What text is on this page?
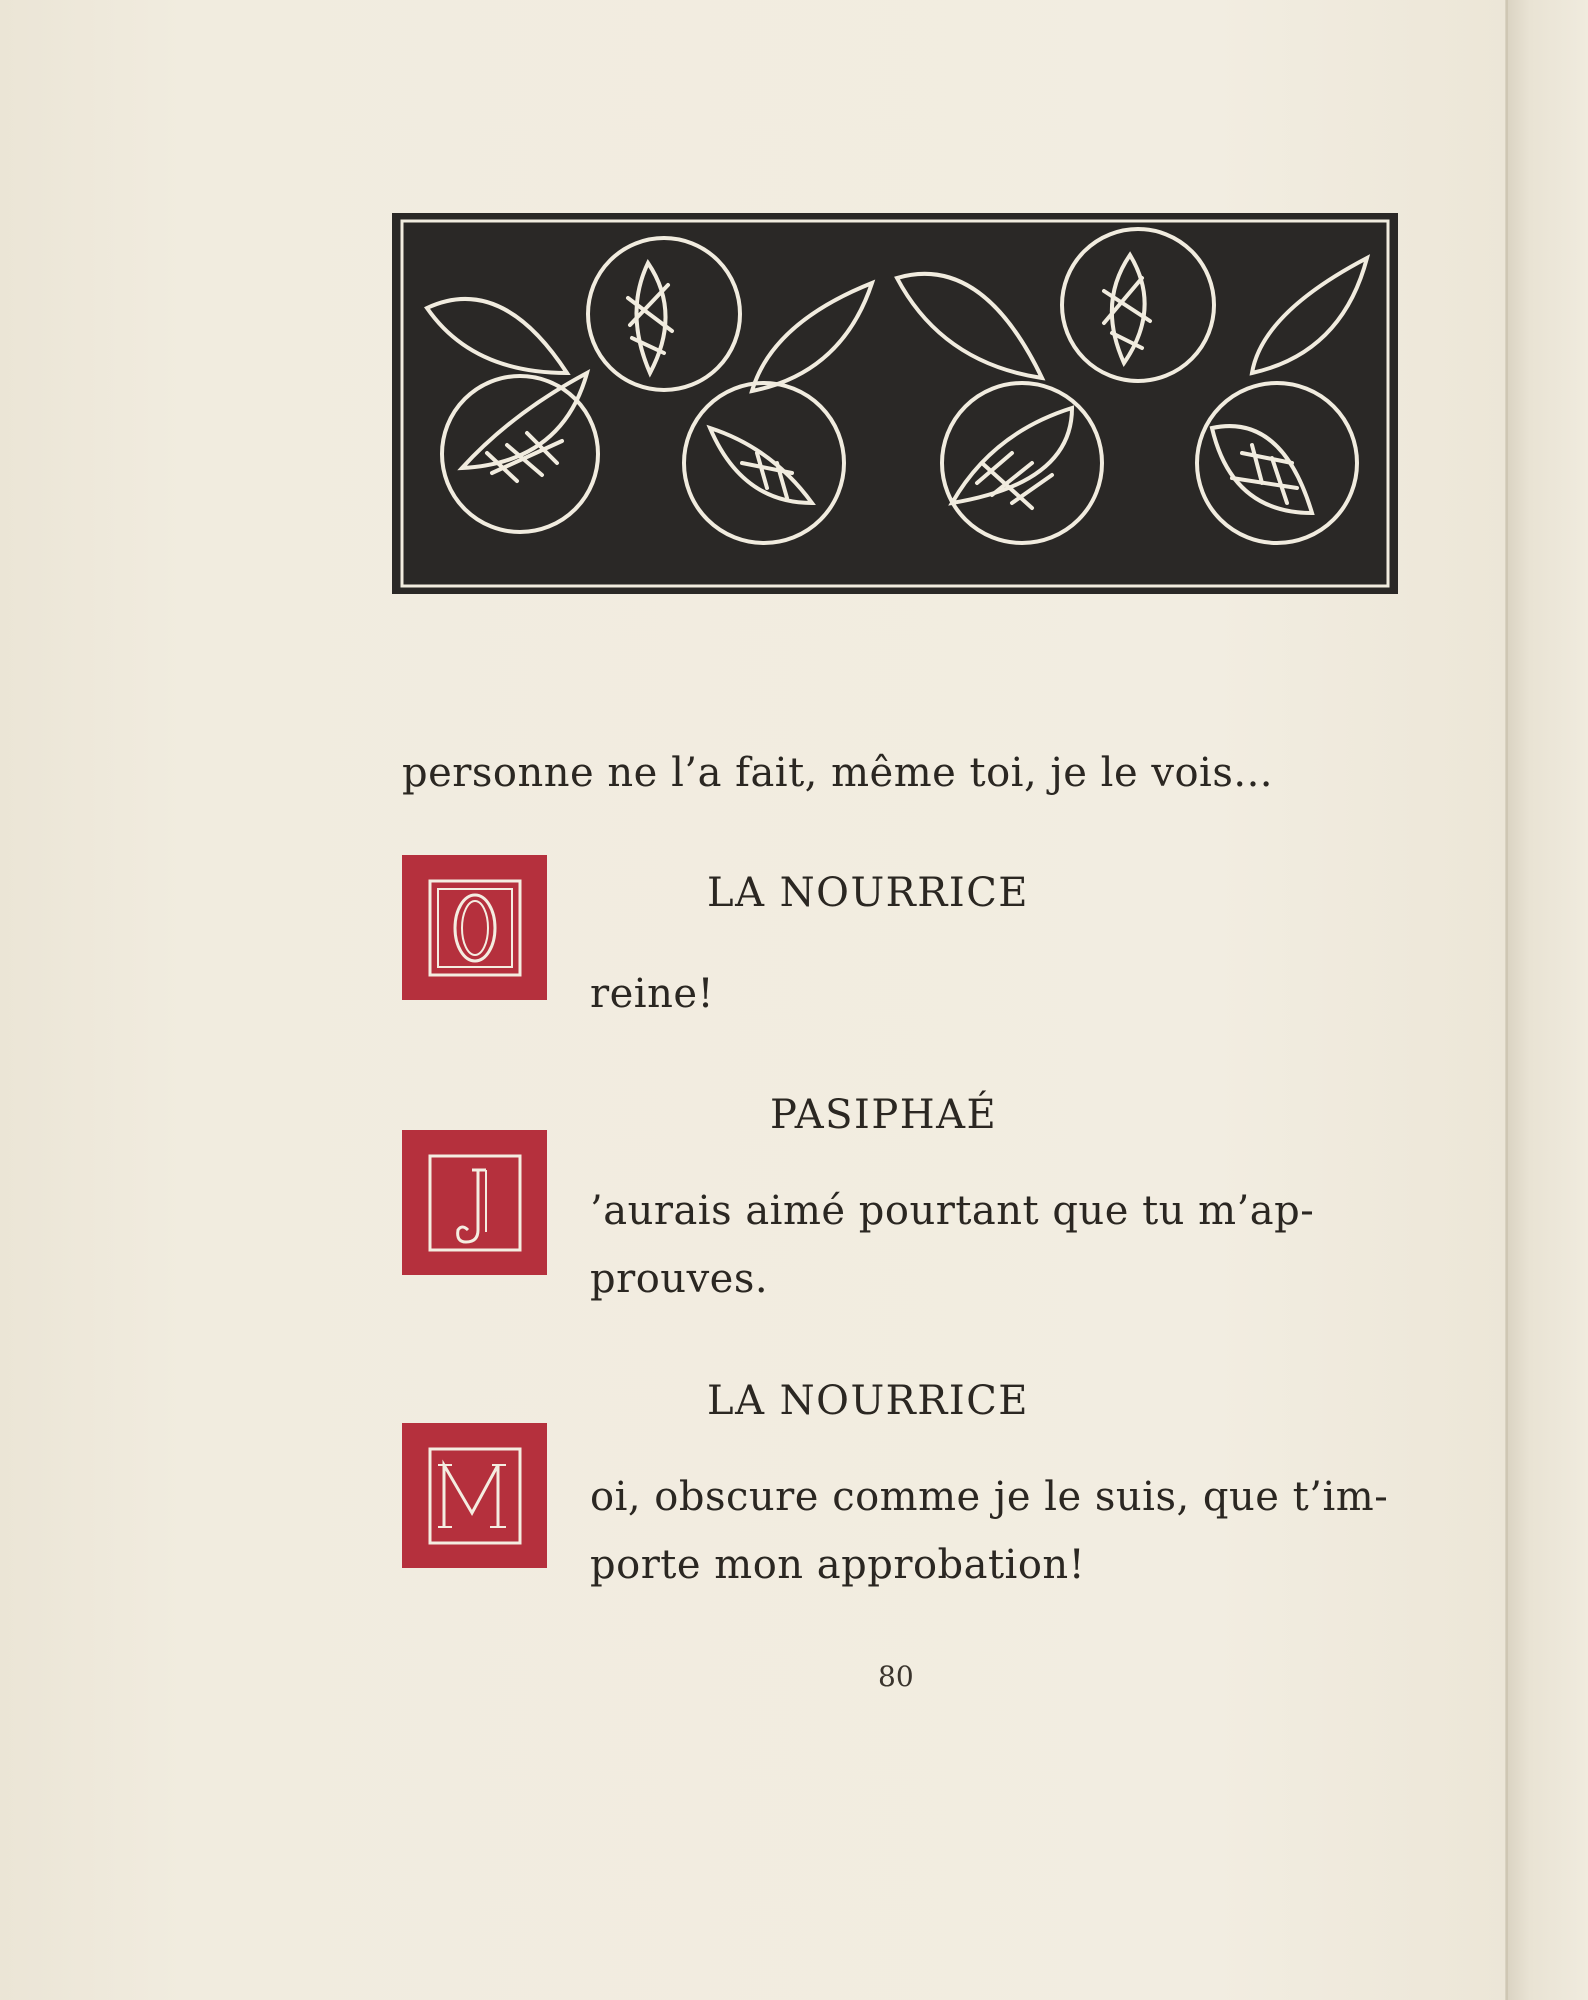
personne ne l’a fait, même toi, je le vois...
LA NOURRICE
reine!
PASIPHAÉ
’aurais aimé pourtant que tu m’ap-
prouves.
LA NOURRICE
oi, obscure comme je le suis, que t’im-
porte mon approbation!
80
